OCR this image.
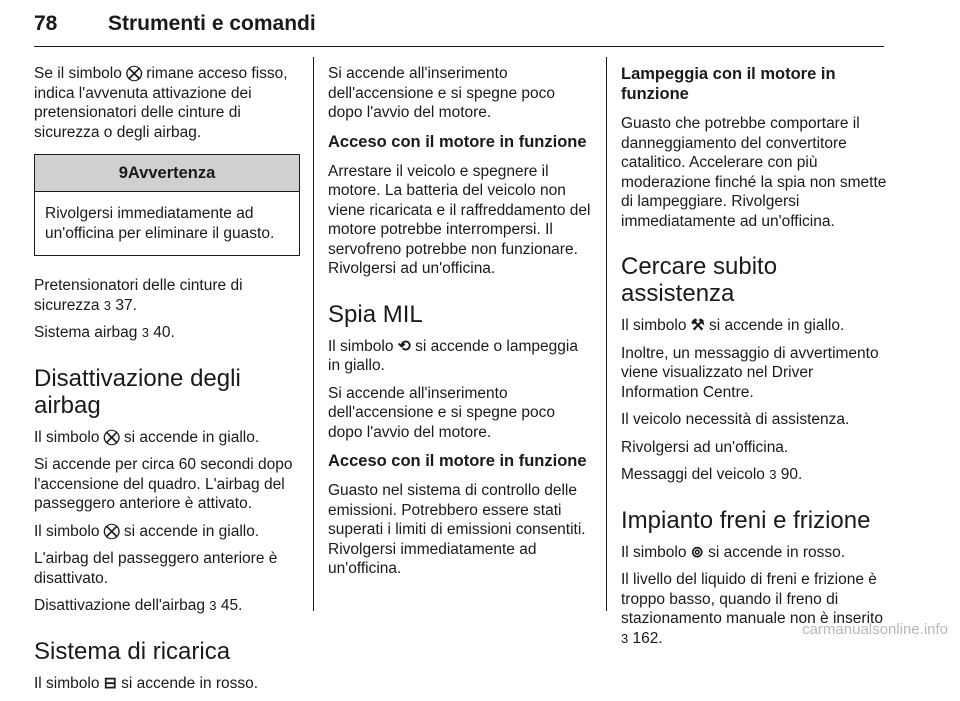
78 Strumenti e comandi

Se il simbolo ⛒ rimane acceso fisso, indica l'avvenuta attivazione dei pretensionatori delle cinture di sicurezza o degli airbag.

9Avvertenza
Rivolgersi immediatamente ad un'officina per eliminare il guasto.

Pretensionatori delle cinture di sicurezza 3 37.

Sistema airbag 3 40.

Disattivazione degli airbag

Il simbolo ⛒ si accende in giallo.

Si accende per circa 60 secondi dopo l'accensione del quadro. L'airbag del passeggero anteriore è attivato.

Il simbolo ⛒ si accende in giallo.

L'airbag del passeggero anteriore è disattivato.

Disattivazione dell'airbag 3 45.

Sistema di ricarica

Il simbolo ⊟ si accende in rosso.

Si accende all'inserimento dell'accensione e si spegne poco dopo l'avvio del motore.

Acceso con il motore in funzione

Arrestare il veicolo e spegnere il motore. La batteria del veicolo non viene ricaricata e il raffreddamento del motore potrebbe interrompersi. Il servofreno potrebbe non funzionare. Rivolgersi ad un'officina.

Spia MIL

Il simbolo ⟲ si accende o lampeggia in giallo.

Si accende all'inserimento dell'accensione e si spegne poco dopo l'avvio del motore.

Acceso con il motore in funzione

Guasto nel sistema di controllo delle emissioni. Potrebbero essere stati superati i limiti di emissioni consentiti. Rivolgersi immediatamente ad un'officina.

Lampeggia con il motore in funzione

Guasto che potrebbe comportare il danneggiamento del convertitore catalitico. Accelerare con più moderazione finché la spia non smette di lampeggiare. Rivolgersi immediatamente ad un'officina.

Cercare subito assistenza

Il simbolo ⚒ si accende in giallo.

Inoltre, un messaggio di avvertimento viene visualizzato nel Driver Information Centre.

Il veicolo necessità di assistenza.

Rivolgersi ad un'officina.

Messaggi del veicolo 3 90.

Impianto freni e frizione

Il simbolo ⊚ si accende in rosso.

Il livello del liquido di freni e frizione è troppo basso, quando il freno di stazionamento manuale non è inserito 3 162.	carmanualsonline.info
